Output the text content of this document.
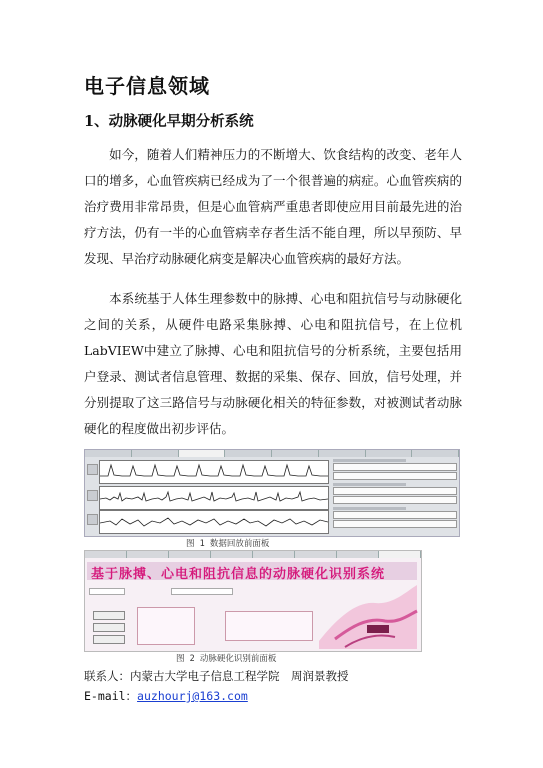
电子信息领域
1、动脉硬化早期分析系统
如今，随着人们精神压力的不断增大、饮食结构的改变、老年人口的增多，心血管疾病已经成为了一个很普遍的病症。心血管疾病的治疗费用非常昂贵，但是心血管病严重患者即使应用目前最先进的治疗方法，仍有一半的心血管病幸存者生活不能自理，所以早预防、早发现、早治疗动脉硬化病变是解决心血管疾病的最好方法。
本系统基于人体生理参数中的脉搏、心电和阻抗信号与动脉硬化之间的关系，从硬件电路采集脉搏、心电和阻抗信号，在上位机LabVIEW中建立了脉搏、心电和阻抗信号的分析系统，主要包括用户登录、测试者信息管理、数据的采集、保存、回放，信号处理，并分别提取了这三路信号与动脉硬化相关的特征参数，对被测试者动脉硬化的程度做出初步评估。
图 1 数据回放前面板
基于脉搏、心电和阻抗信息的动脉硬化识别系统
图 2 动脉硬化识别前面板
联系人：内蒙古大学电子信息工程学院　周润景教授
E-mail：auzhourj@163.com
